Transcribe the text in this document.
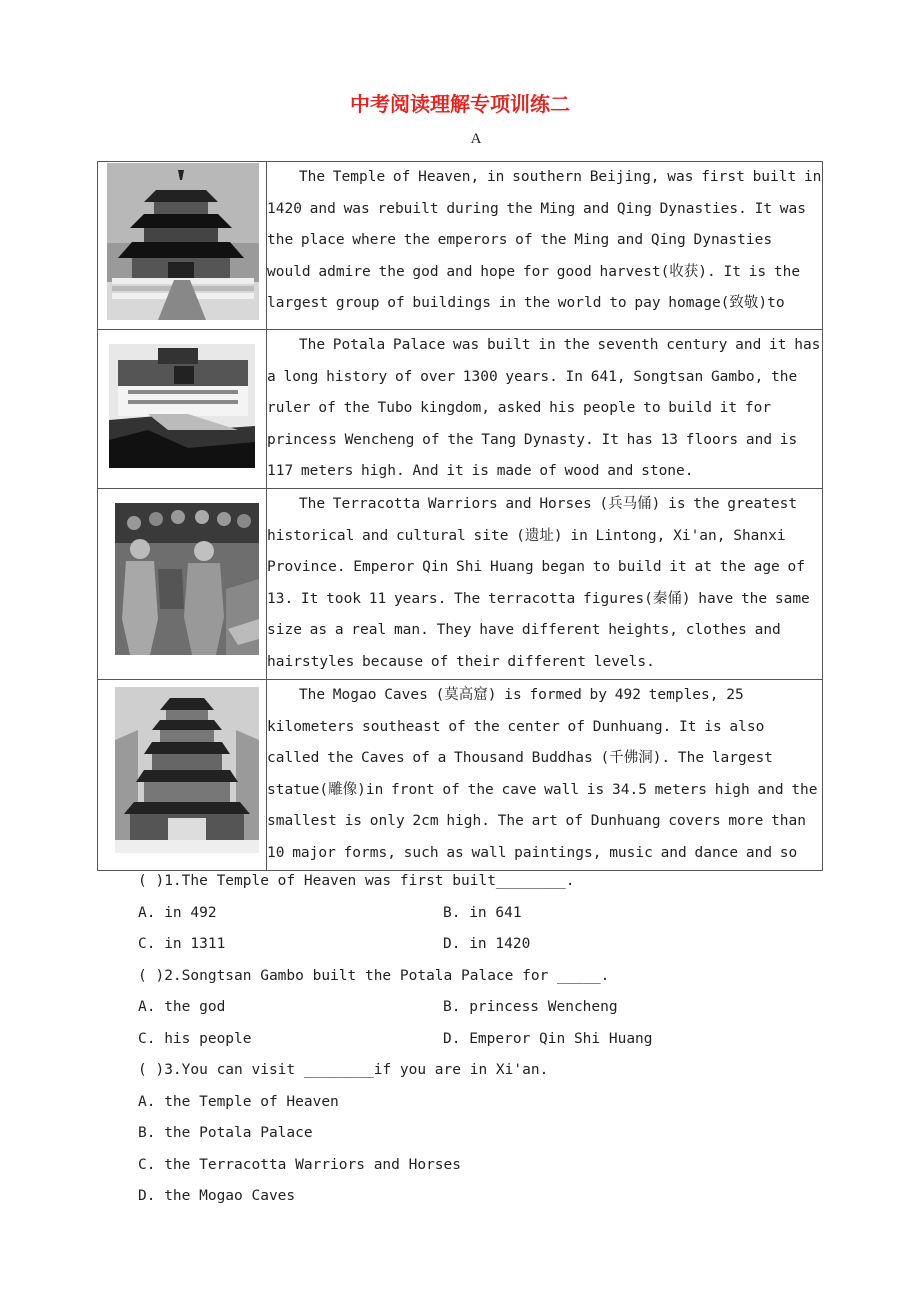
中考阅读理解专项训练二
A

The Temple of Heaven, in southern Beijing, was first built in 1420 and was rebuilt during the Ming and Qing Dynasties. It was the place where the emperors of the Ming and Qing Dynasties would admire the god and hope for good harvest(收获). It is the largest group of buildings in the world to pay homage(致敬)to

The Potala Palace was built in the seventh century and it has a long history of over 1300 years. In 641, Songtsan Gambo, the ruler of the Tubo kingdom, asked his people to build it for princess Wencheng of the Tang Dynasty. It has 13 floors and is 117 meters high. And it is made of wood and stone.

The Terracotta Warriors and Horses (兵马俑) is the greatest historical and cultural site (遗址) in Lintong, Xi'an, Shanxi Province. Emperor Qin Shi Huang began to build it at the age of 13. It took 11 years. The terracotta figures(秦俑) have the same size as a real man. They have different heights, clothes and hairstyles because of their different levels.

The Mogao Caves (莫高窟) is formed by 492 temples, 25 kilometers southeast of the center of Dunhuang. It is also called the Caves of a Thousand Buddhas (千佛洞). The largest statue(雕像)in front of the cave wall is 34.5 meters high and the smallest is only 2cm high. The art of Dunhuang covers more than 10 major forms, such as wall paintings, music and dance and so

( )1.The Temple of Heaven was first built________.
A. in 492	B. in 641
C. in 1311	D. in 1420
( )2.Songtsan Gambo built the Potala Palace for _____.
A. the god	B. princess Wencheng
C. his people	D. Emperor Qin Shi Huang
( )3.You can visit ________if you are in Xi'an.
A. the Temple of Heaven
B. the Potala Palace
C. the Terracotta Warriors and Horses
D. the Mogao Caves
